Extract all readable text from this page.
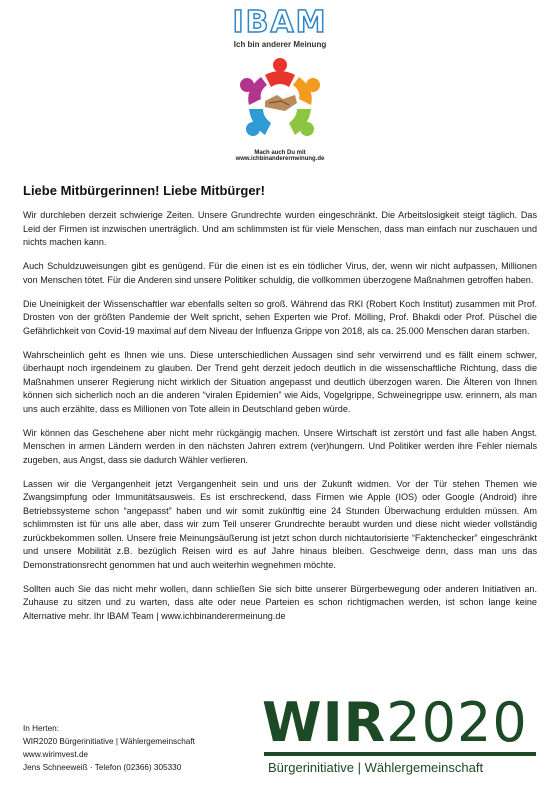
IBAM
Ich bin anderer Meinung
Mach auch Du mit
www.ichbinanderermeinung.de
Liebe Mitbürgerinnen! Liebe Mitbürger!

Wir durchleben derzeit schwierige Zeiten. Unsere Grundrechte wurden eingeschränkt. Die Arbeitslosigkeit steigt täglich. Das Leid der Firmen ist inzwischen unerträglich. Und am schlimmsten ist für viele Menschen, dass man einfach nur zuschauen und nichts machen kann.

Auch Schuldzuweisungen gibt es genügend. Für die einen ist es ein tödlicher Virus, der, wenn wir nicht aufpassen, Millionen von Menschen tötet. Für die Anderen sind unsere Politiker schuldig, die vollkommen überzogene Maßnahmen getroffen haben.

Die Uneinigkeit der Wissenschaftler war ebenfalls selten so groß. Während das RKI (Robert Koch Institut) zusammen mit Prof. Drosten von der größten Pandemie der Welt spricht, sehen Experten wie Prof. Mölling, Prof. Bhakdi oder Prof. Püschel die Gefährlichkeit von Covid-19 maximal auf dem Niveau der Influenza Grippe von 2018, als ca. 25.000 Menschen daran starben.

Wahrscheinlich geht es Ihnen wie uns. Diese unterschiedlichen Aussagen sind sehr verwirrend und es fällt einem schwer, überhaupt noch irgendeinem zu glauben. Der Trend geht derzeit jedoch deutlich in die wissenschaftliche Richtung, dass die Maßnahmen unserer Regierung nicht wirklich der Situation angepasst und deutlich überzogen waren. Die Älteren von Ihnen können sich sicherlich noch an die anderen “viralen Epidemien” wie Aids, Vogelgrippe, Schweinegrippe usw. erinnern, als man uns auch erzählte, dass es Millionen von Tote allein in Deutschland geben würde.

Wir können das Geschehene aber nicht mehr rückgängig machen. Unsere Wirtschaft ist zerstört und fast alle haben Angst. Menschen in armen Ländern werden in den nächsten Jahren extrem (ver)hungern. Und Politiker werden ihre Fehler niemals zugeben, aus Angst, dass sie dadurch Wähler verlieren.

Lassen wir die Vergangenheit jetzt Vergangenheit sein und uns der Zukunft widmen. Vor der Tür stehen Themen wie Zwangsimpfung oder Immunitätsausweis. Es ist erschreckend, dass Firmen wie Apple (IOS) oder Google (Android) ihre Betriebssysteme schon “angepasst” haben und wir somit zukünftig eine 24 Stunden Überwachung erdulden müssen. Am schlimmsten ist für uns alle aber, dass wir zum Teil unserer Grundrechte beraubt wurden und diese nicht wieder vollständig zurückbekommen sollen. Unsere freie Meinungsäußerung ist jetzt schon durch nichtautorisierte “Faktenchecker” eingeschränkt und unsere Mobilität z.B. bezüglich Reisen wird es auf Jahre hinaus bleiben. Geschweige denn, dass man uns das Demonstrationsrecht genommen hat und auch weiterhin wegnehmen möchte.

Sollten auch Sie das nicht mehr wollen, dann schließen Sie sich bitte unserer Bürgerbewegung oder anderen Initiativen an. Zuhause zu sitzen und zu warten, dass alte oder neue Parteien es schon richtigmachen werden, ist schon lange keine Alternative mehr. Ihr IBAM Team | www.ichbinanderermeinung.de

In Herten:
WIR2020 Bürgerinitiative | Wählergemeinschaft
www.wirimvest.de
Jens Schneeweiß · Telefon (02366) 305330
WIR2020
Bürgerinitiative | Wählergemeinschaft
